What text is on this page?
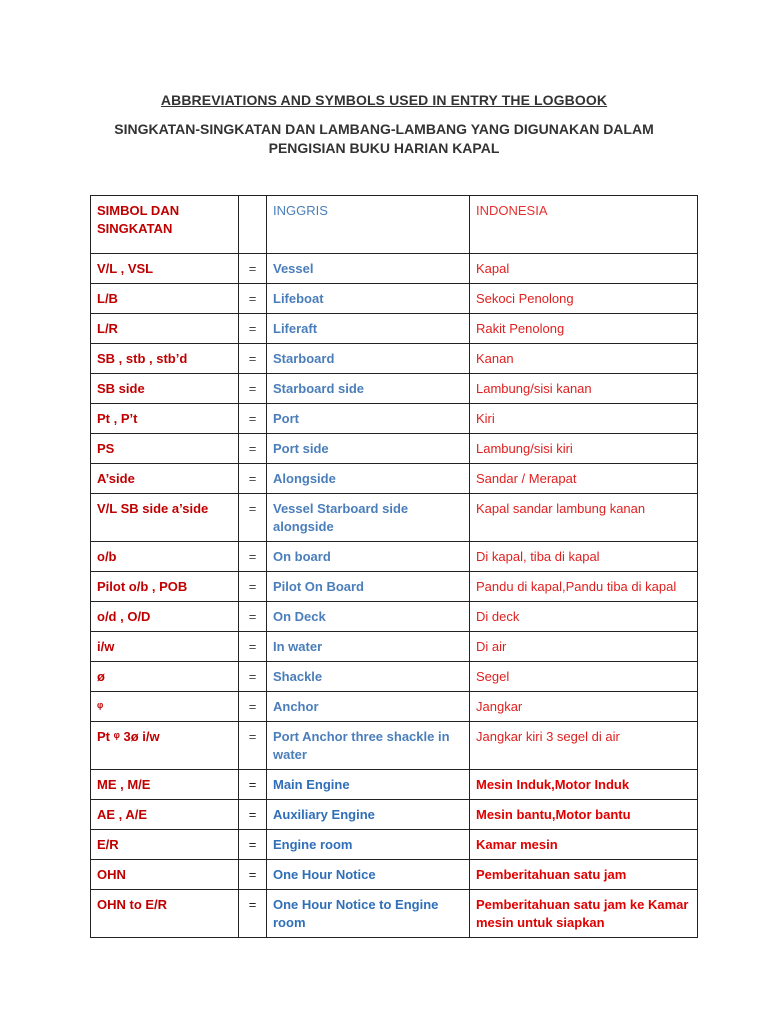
ABBREVIATIONS AND SYMBOLS USED IN ENTRY THE LOGBOOK
SINGKATAN-SINGKATAN DAN LAMBANG-LAMBANG YANG DIGUNAKAN DALAM PENGISIAN BUKU HARIAN KAPAL
SIMBOL DAN SINGKATAN		INGGRIS	INDONESIA
V/L , VSL	=	Vessel	Kapal
L/B	=	Lifeboat	Sekoci Penolong
L/R	=	Liferaft	Rakit Penolong
SB , stb , stb’d	=	Starboard	Kanan
SB side	=	Starboard side	Lambung/sisi kanan
Pt , P’t	=	Port	Kiri
PS	=	Port side	Lambung/sisi kiri
A’side	=	Alongside	Sandar / Merapat
V/L SB side a’side	=	Vessel Starboard side alongside	Kapal sandar lambung kanan
o/b	=	On board	Di kapal, tiba di kapal
Pilot o/b , POB	=	Pilot On Board	Pandu di kapal,Pandu tiba di kapal
o/d , O/D	=	On Deck	Di deck
i/w	=	In water	Di air
ø	=	Shackle	Segel
ᵠ	=	Anchor	Jangkar
Pt ᵠ 3ø i/w	=	Port Anchor three shackle in water	Jangkar kiri 3 segel di air
ME , M/E	=	Main Engine	Mesin Induk,Motor Induk
AE , A/E	=	Auxiliary Engine	Mesin bantu,Motor bantu
E/R	=	Engine room	Kamar mesin
OHN	=	One Hour Notice	Pemberitahuan satu jam
OHN to E/R	=	One Hour Notice to Engine room	Pemberitahuan satu jam ke Kamar mesin untuk siapkan
